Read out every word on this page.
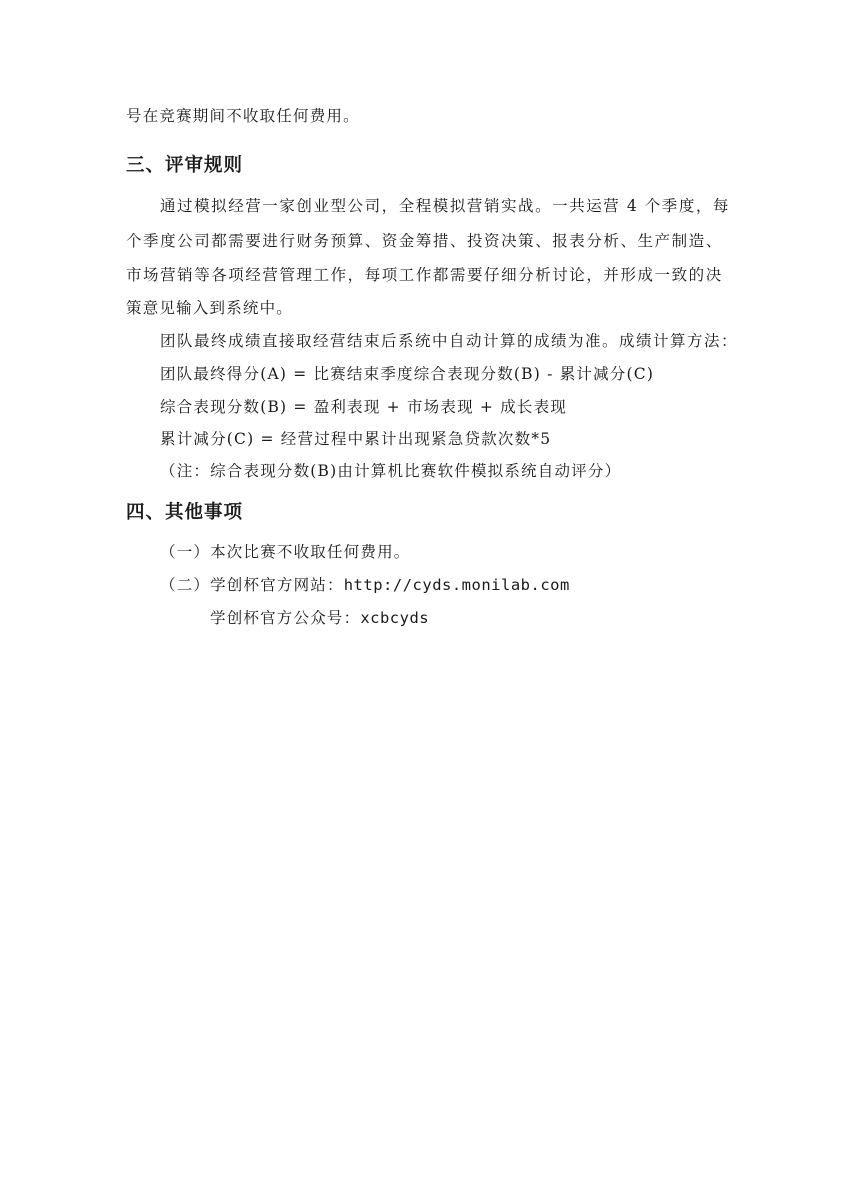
号在竞赛期间不收取任何费用。
三、评审规则
通过模拟经营一家创业型公司，全程模拟营销实战。一共运营 4 个季度，每
个季度公司都需要进行财务预算、资金筹措、投资决策、报表分析、生产制造、
市场营销等各项经营管理工作，每项工作都需要仔细分析讨论，并形成一致的决
策意见输入到系统中。
团队最终成绩直接取经营结束后系统中自动计算的成绩为准。成绩计算方法：
团队最终得分(A) = 比赛结束季度综合表现分数(B) - 累计减分(C)
综合表现分数(B) = 盈利表现 + 市场表现 + 成长表现
累计减分(C) = 经营过程中累计出现紧急贷款次数*5
（注：综合表现分数(B)由计算机比赛软件模拟系统自动评分）
四、其他事项
（一）本次比赛不收取任何费用。
（二）学创杯官方网站：http://cyds.monilab.com
学创杯官方公众号：xcbcyds
